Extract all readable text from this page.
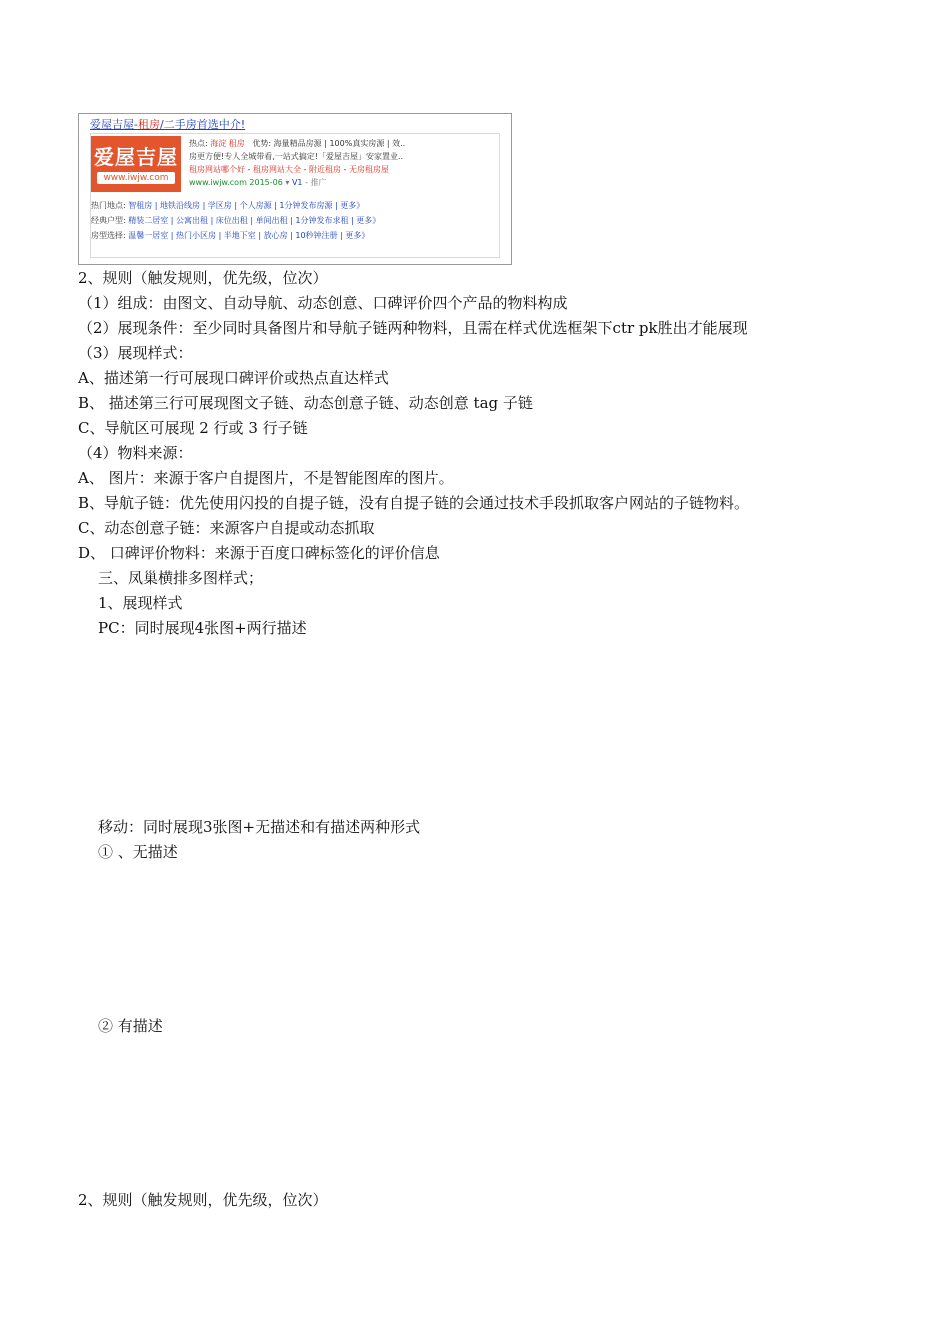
爱屋吉屋-租房/二手房首选中介!
爱屋吉屋
www.iwjw.com
热点: 海淀 租房 优势: 海量精品房源 | 100%真实房源 | 效..
房更方便!专人全城带看,一站式搞定!「爱屋吉屋」安家置业..
租房网站哪个好 - 租房网站大全 - 附近租房 - 无房租房屋
www.iwjw.com 2015-06 ▾ V1 - 推广
热门地点: 智租房 | 地铁沿线房 | 学区房 | 个人房源 | 1分钟发布房源 | 更多》
经典户型: 精装二居室 | 公寓出租 | 床位出租 | 单间出租 | 1分钟发布求租 | 更多》
房型选择: 温馨一居室 | 热门小区房 | 半地下室 | 放心房 | 10秒钟注册 | 更多》
2、规则（触发规则，优先级，位次）
（1）组成：由图文、自动导航、动态创意、口碑评价四个产品的物料构成
（2）展现条件：至少同时具备图片和导航子链两种物料，且需在样式优选框架下ctr pk胜出才能展现
（3）展现样式：
A、描述第一行可展现口碑评价或热点直达样式
B、 描述第三行可展现图文子链、动态创意子链、动态创意 tag 子链
C、导航区可展现 2 行或 3 行子链
（4）物料来源：
A、 图片：来源于客户自提图片，不是智能图库的图片。
B、导航子链：优先使用闪投的自提子链，没有自提子链的会通过技术手段抓取客户网站的子链物料。
C、动态创意子链：来源客户自提或动态抓取
D、 口碑评价物料：来源于百度口碑标签化的评价信息
三、凤巢横排多图样式；
1、展现样式
PC：同时展现4张图+两行描述
移动：同时展现3张图+无描述和有描述两种形式
① 、无描述
② 有描述
2、规则（触发规则，优先级，位次）
